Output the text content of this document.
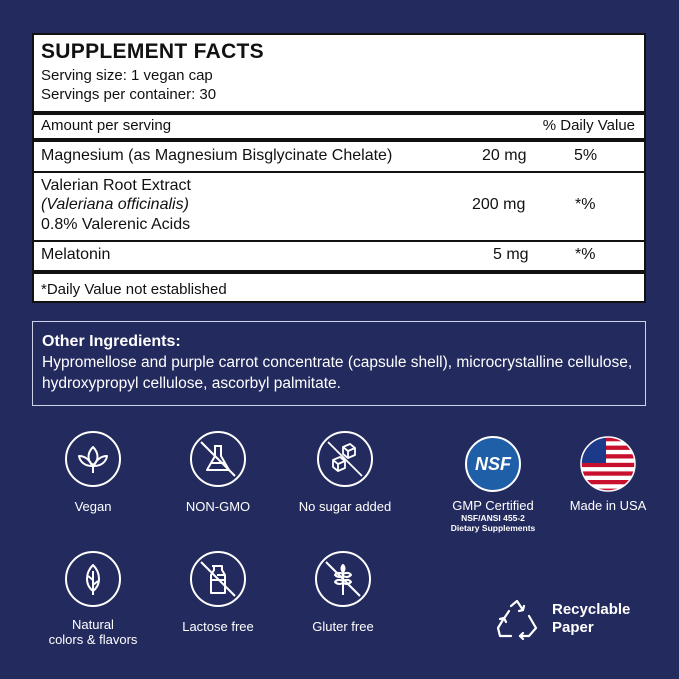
SUPPLEMENT FACTS
Serving size: 1 vegan cap
Servings per container: 30
Amount per serving	% Daily Value
Magnesium (as Magnesium Bisglycinate Chelate)	20 mg	5%
Valerian Root Extract
(Valeriana officinalis)
0.8% Valerenic Acids
200 mg	*%
Melatonin	5 mg	*%
*Daily Value not established
Other Ingredients:
Hypromellose and purple carrot concentrate (capsule shell), microcrystalline cellulose, hydroxypropyl cellulose, ascorbyl palmitate.
Vegan	NON-GMO	No sugar added
NSF
GMP Certified
NSF/ANSI 455-2
Dietary Supplements
Made in USA
Natural
colors & flavors
Lactose free	Gluter free
Recyclable
Paper
